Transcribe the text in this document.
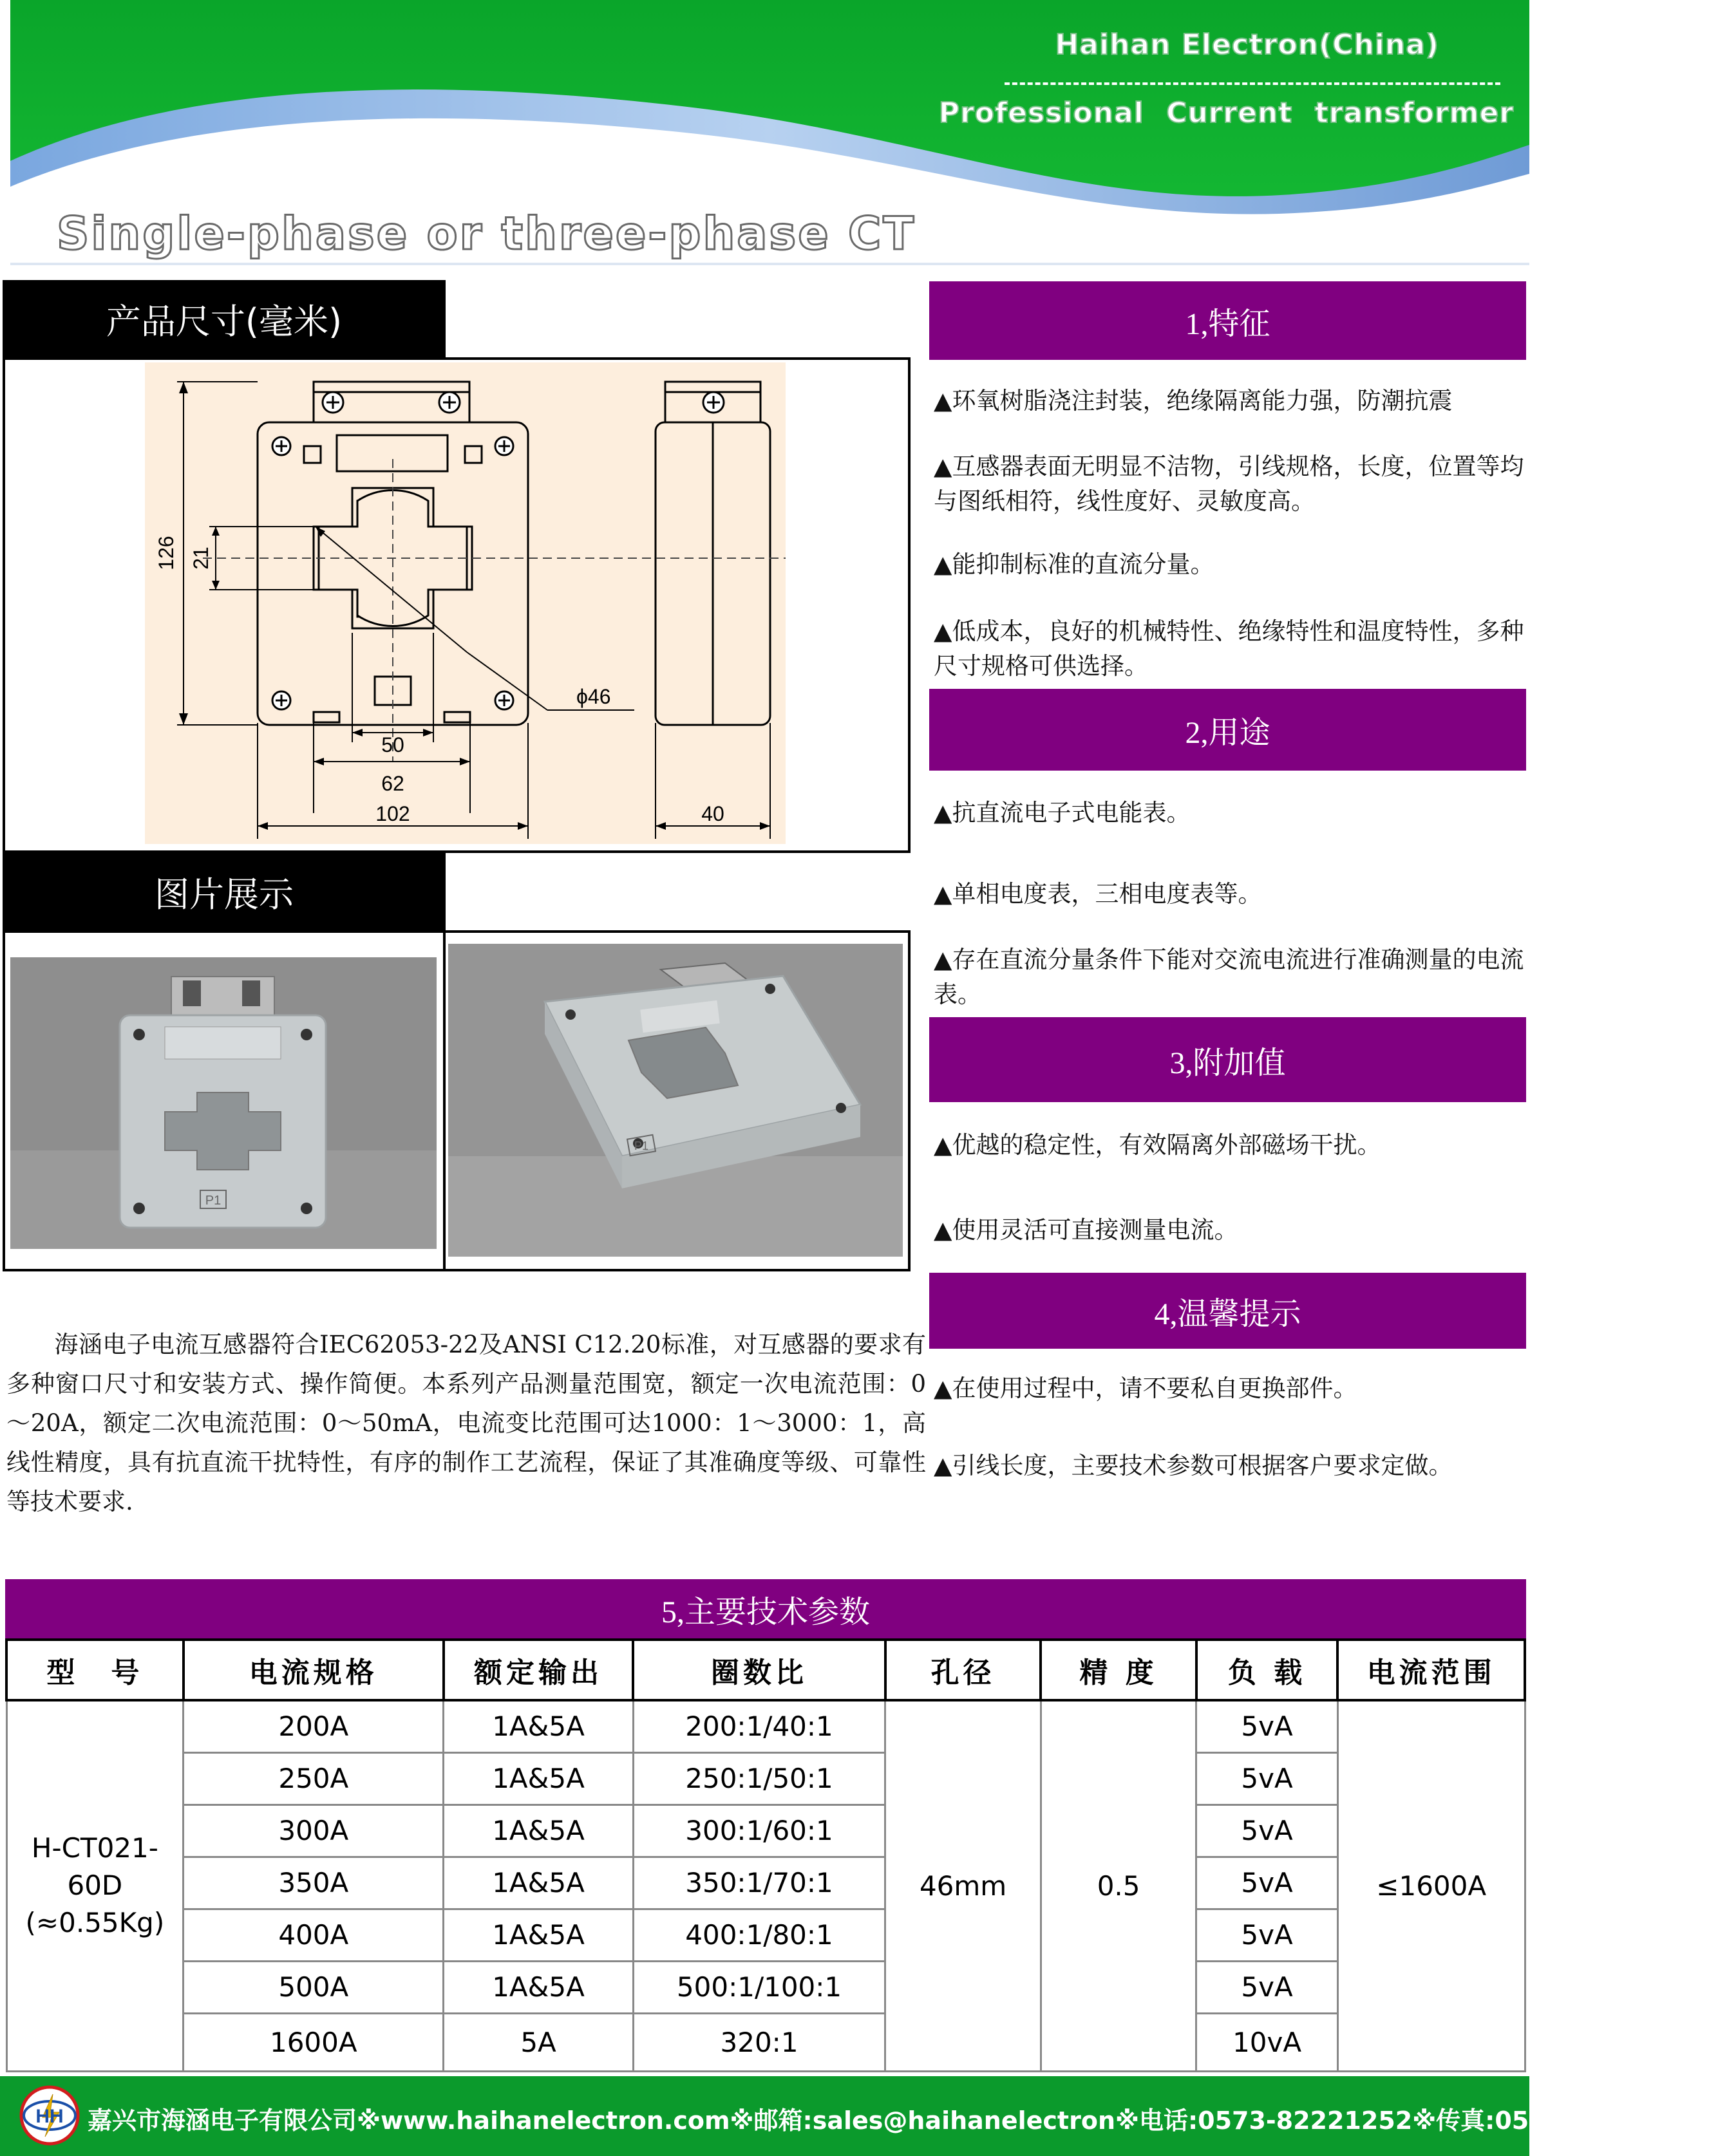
Haihan Electron(China)
Professional Current transformer
Single-phase or three-phase CT
产品尺寸(毫米)
126 21
50
62
102	40
ϕ46
图片展示
P1
P1
海涵电子电流互感器符合IEC62053-22及ANSI C12.20标准，对互感器的要求有多种窗口尺寸和安装方式、操作简便。本系列产品测量范围宽，额定一次电流范围：0～20A，额定二次电流范围：0～50mA，电流变比范围可达1000：1～3000：1，高线性精度，具有抗直流干扰特性，有序的制作工艺流程，保证了其准确度等级、可靠性等技术要求.
1,特征
▲环氧树脂浇注封装，绝缘隔离能力强，防潮抗震
▲互感器表面无明显不洁物，引线规格，长度，位置等均与图纸相符，线性度好、灵敏度高。
▲能抑制标准的直流分量。
▲低成本，良好的机械特性、绝缘特性和温度特性，多种尺寸规格可供选择。
2,用途
▲抗直流电子式电能表。
▲单相电度表，三相电度表等。
▲存在直流分量条件下能对交流电流进行准确测量的电流表。
3,附加值
▲优越的稳定性，有效隔离外部磁场干扰。
▲使用灵活可直接测量电流。
4,温馨提示
▲在使用过程中，请不要私自更换部件。
▲引线长度，主要技术参数可根据客户要求定做。
5,主要技术参数
型　号	电流规格	额定输出	圈数比	孔径	精 度	负 载	电流范围

H-CT021-60D
(≈0.55Kg)	200A	1A&5A	200:1/40:1	46mm	0.5	5vA	≤1600A
	250A	1A&5A	250:1/50:1			5vA	
	300A	1A&5A	300:1/60:1			5vA	
	350A	1A&5A	350:1/70:1			5vA	
	400A	1A&5A	400:1/80:1			5vA	
	500A	1A&5A	500:1/100:1			5vA	
	1600A	5A	320:1			10vA	
HH 嘉兴市海涵电子有限公司※www.haihanelectron.com※邮箱:sales@haihanelectron※电话:0573-82221252※传真:0573-82220773
